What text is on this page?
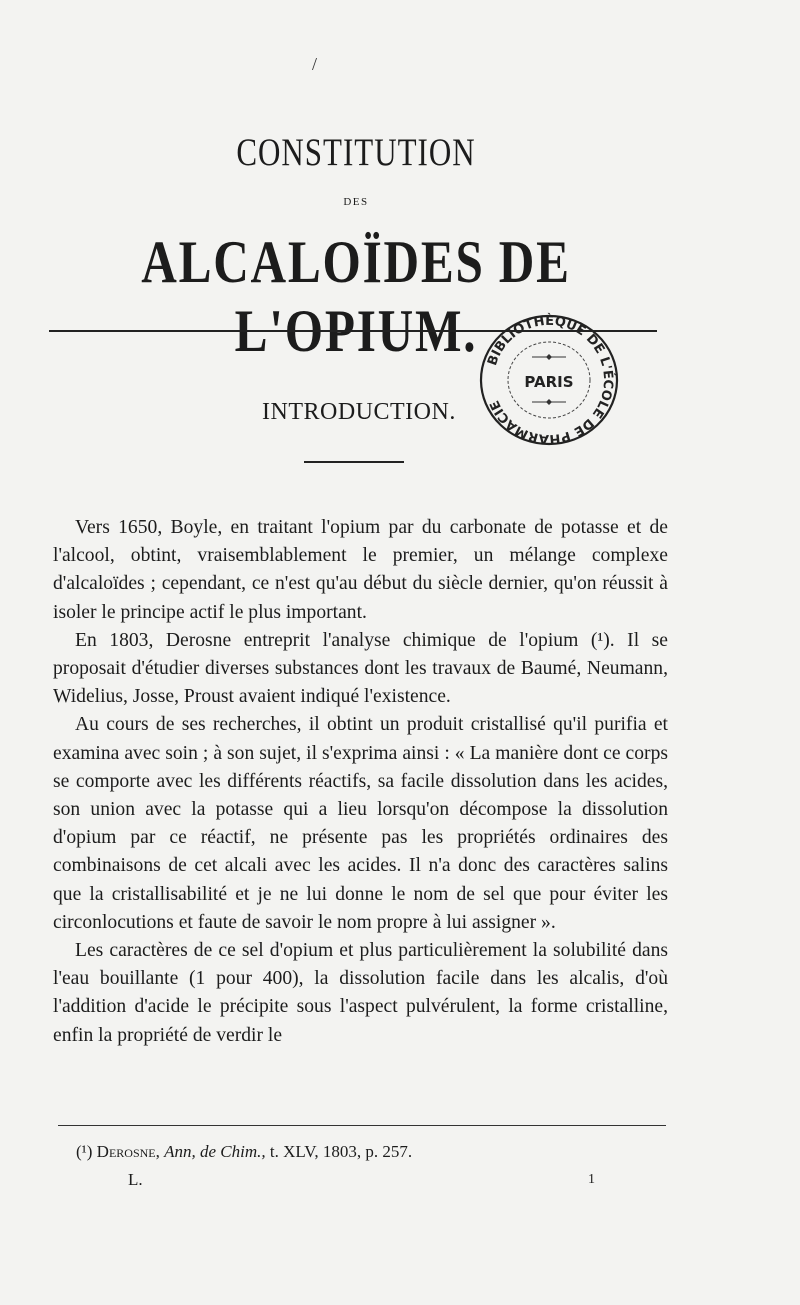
/
CONSTITUTION
DES
ALCALOÏDES DE L'OPIUM. BIBLIOTHÈQUE DE L'ÉCOLE DE PHARMACIE
PARIS
INTRODUCTION.

Vers 1650, Boyle, en traitant l'opium par du carbonate de potasse et de l'alcool, obtint, vraisemblablement le premier, un mélange complexe d'alcaloïdes ; cependant, ce n'est qu'au début du siècle dernier, qu'on réussit à isoler le principe actif le plus important.

En 1803, Derosne entreprit l'analyse chimique de l'opium (¹). Il se proposait d'étudier diverses substances dont les travaux de Baumé, Neumann, Widelius, Josse, Proust avaient indiqué l'existence.

Au cours de ses recherches, il obtint un produit cristallisé qu'il purifia et examina avec soin ; à son sujet, il s'exprima ainsi : « La manière dont ce corps se comporte avec les différents réactifs, sa facile dissolution dans les acides, son union avec la potasse qui a lieu lorsqu'on décompose la dissolution d'opium par ce réactif, ne présente pas les propriétés ordinaires des combinaisons de cet alcali avec les acides. Il n'a donc des caractères salins que la cristallisabilité et je ne lui donne le nom de sel que pour éviter les circonlocutions et faute de savoir le nom propre à lui assigner ».

Les caractères de ce sel d'opium et plus particulièrement la solubilité dans l'eau bouillante (1 pour 400), la dissolution facile dans les alcalis, d'où l'addition d'acide le précipite sous l'aspect pulvérulent, la forme cristalline, enfin la propriété de verdir le

(¹) Derosne, Ann, de Chim., t. XLV, 1803, p. 257.
L.	1
